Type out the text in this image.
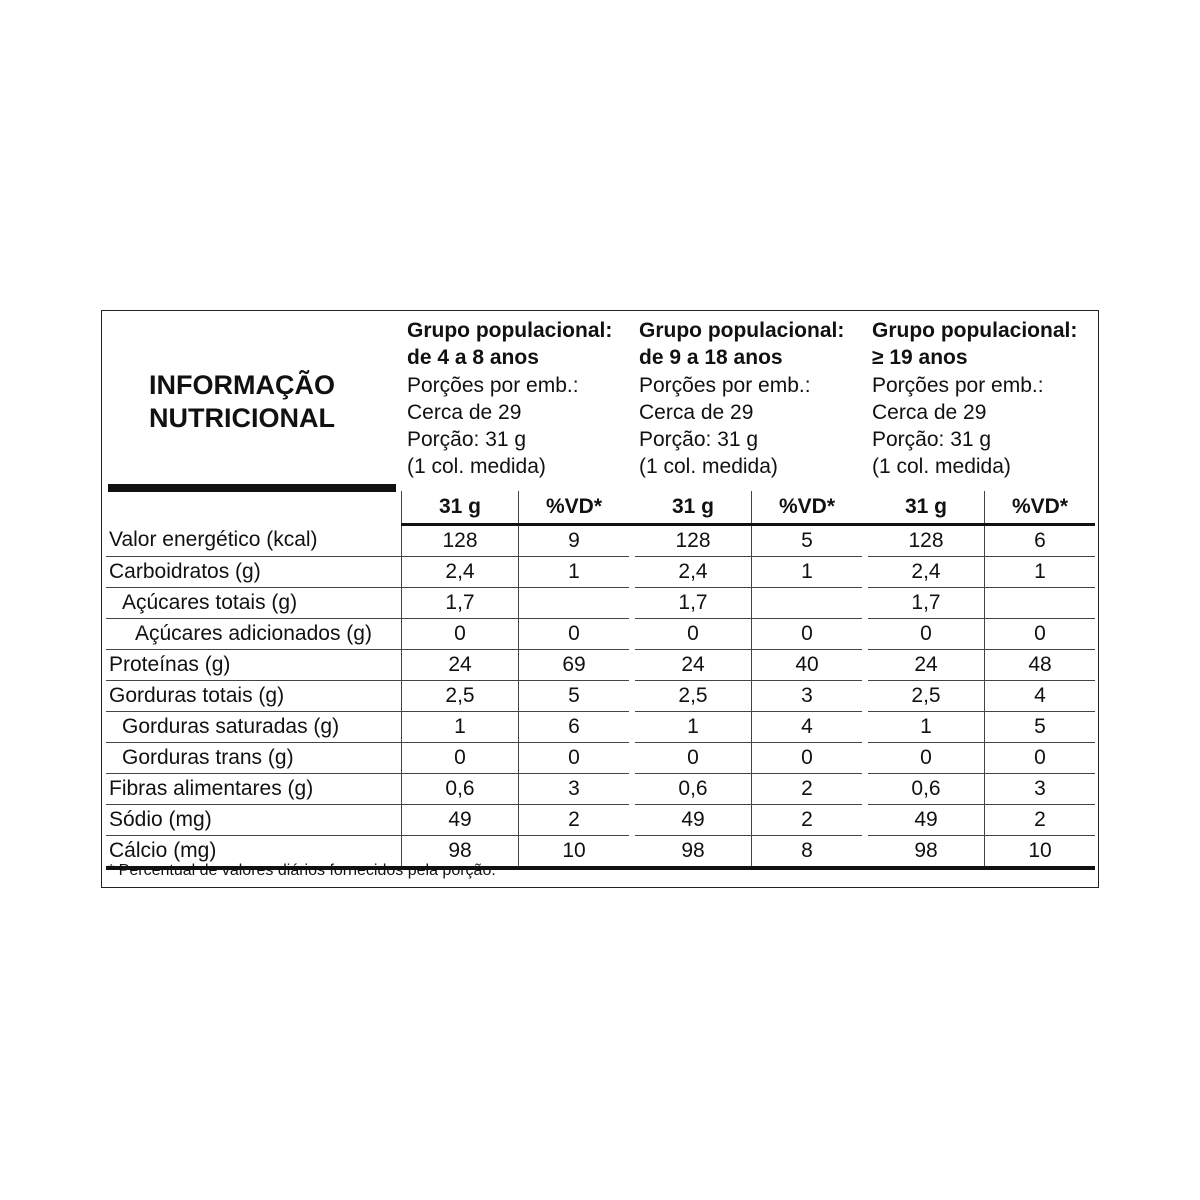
INFORMAÇÃO
NUTRICIONAL
Grupo populacional:
de 4 a 8 anos
Porções por emb.:
Cerca de 29
Porção: 31 g
(1 col. medida)
Grupo populacional:
de 9 a 18 anos
Porções por emb.:
Cerca de 29
Porção: 31 g
(1 col. medida)
Grupo populacional:
≥ 19 anos
Porções por emb.:
Cerca de 29
Porção: 31 g
(1 col. medida)
	31 g	%VD*		31 g	%VD*		31 g	%VD*
Valor energético (kcal)	128	9		128	5		128	6
Carboidratos (g)	2,4	1		2,4	1		2,4	1
Açúcares totais (g)	1,7			1,7			1,7	
Açúcares adicionados (g)	0	0		0	0		0	0
Proteínas (g)	24	69		24	40		24	48
Gorduras totais (g)	2,5	5		2,5	3		2,5	4
Gorduras saturadas (g)	1	6		1	4		1	5
Gorduras trans (g)	0	0		0	0		0	0
Fibras alimentares (g)	0,6	3		0,6	2		0,6	3
Sódio (mg)	49	2		49	2		49	2
Cálcio (mg)	98	10		98	8		98	10
* Percentual de valores diários fornecidos pela porção.
